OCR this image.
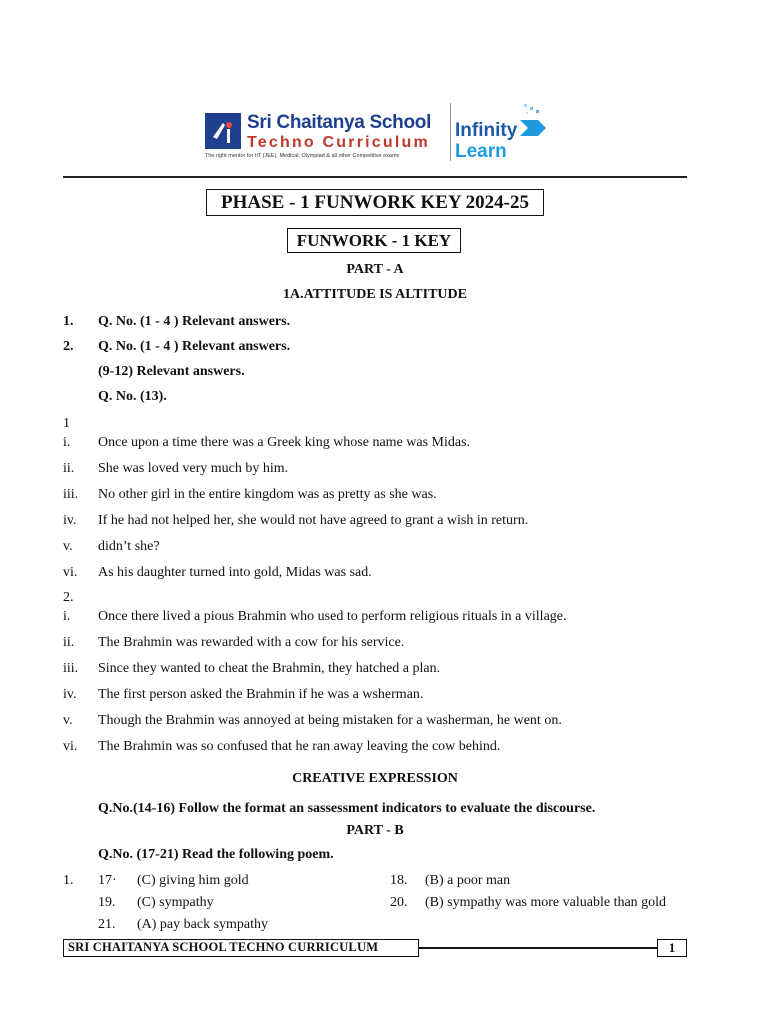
Sri Chaitanya School
Techno Curriculum
The right mentor for IIT (JEE), Medical, Olympiad & all other Competitive exams
Infinity
Learn
PHASE - 1 FUNWORK KEY 2024-25
FUNWORK - 1 KEY
PART - A
1A.ATTITUDE IS ALTITUDE
1. Q. No. (1 - 4 ) Relevant answers.
2. Q. No. (1 - 4 ) Relevant answers.
(9-12) Relevant answers.
Q. No. (13).
1
i. Once upon a time there was a Greek king whose name was Midas.
ii. She was loved very much by him.
iii. No other girl in the entire kingdom was as pretty as she was.
iv. If he had not helped her, she would not have agreed to grant a wish in return.
v. didn’t she?
vi. As his daughter turned into gold, Midas was sad.
2.
i. Once there lived a pious Brahmin who used to perform religious rituals in a village.
ii. The Brahmin was rewarded with a cow for his service.
iii. Since they wanted to cheat the Brahmin, they hatched a plan.
iv. The first person asked the Brahmin if he was a wsherman.
v. Though the Brahmin was annoyed at being mistaken for a washerman, he went on.
vi. The Brahmin was so confused that he ran away leaving the cow behind.
CREATIVE EXPRESSION
Q.No.(14-16) Follow the format an sassessment indicators to evaluate the discourse.
PART - B
Q.No. (17-21) Read the following poem.
1. 17· (C) giving him gold	18. (B) a poor man
19. (C) sympathy	20. (B) sympathy was more valuable than gold
21. (A) pay back sympathy
SRI CHAITANYA SCHOOL TECHNO CURRICULUM	1
